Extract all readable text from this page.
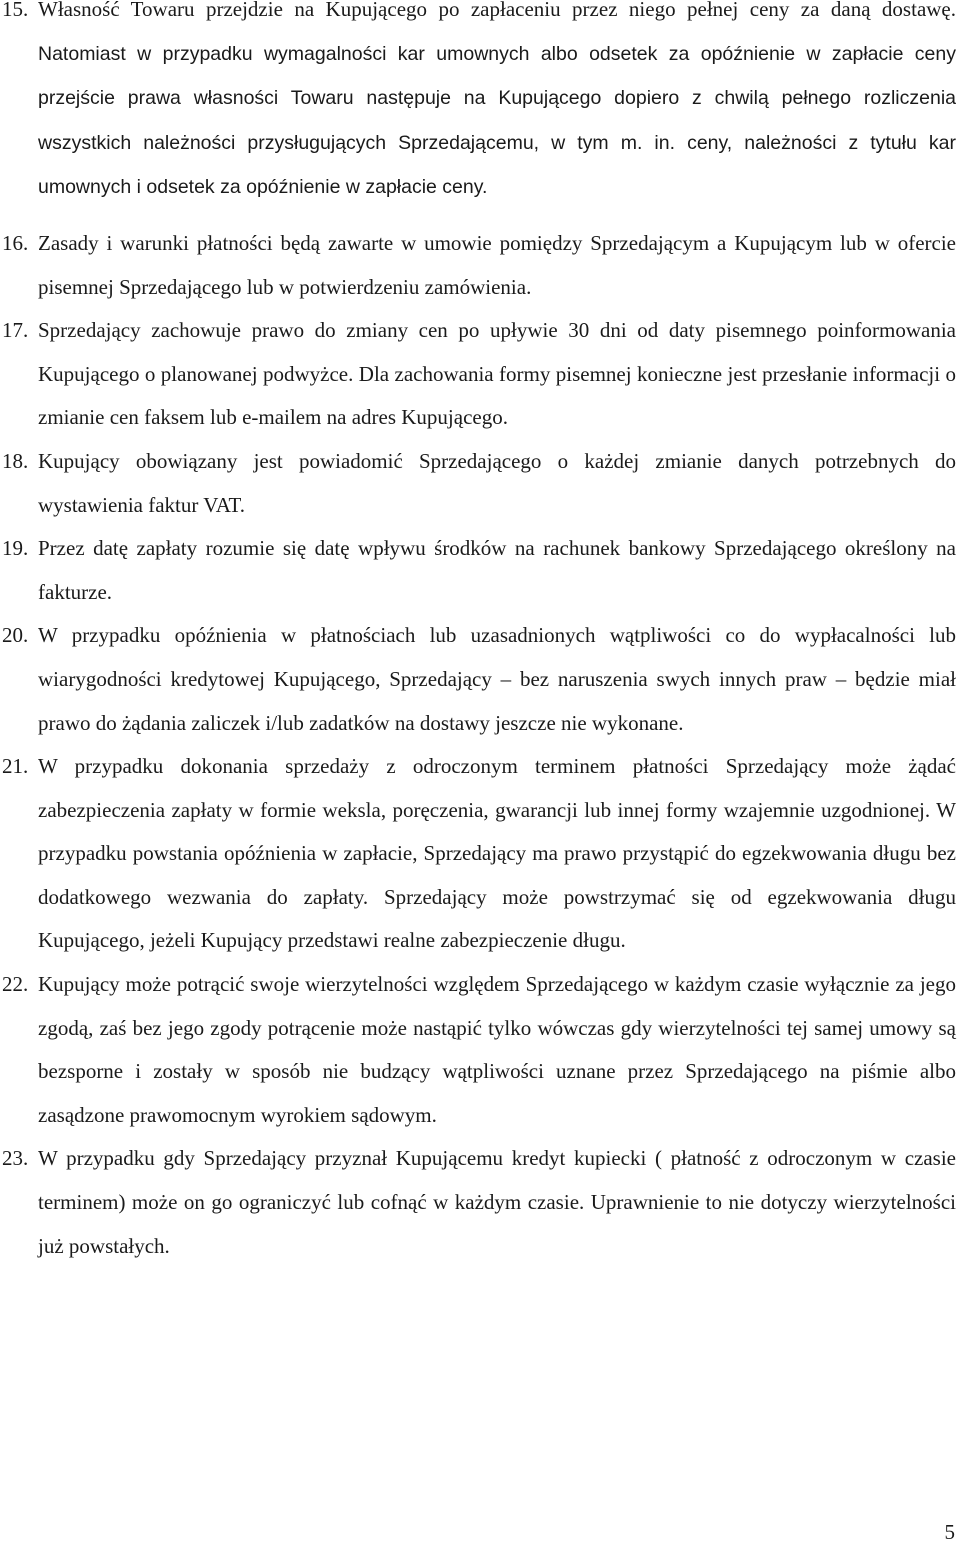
15. Własność Towaru przejdzie na Kupującego po zapłaceniu przez niego pełnej ceny za daną dostawę. Natomiast w przypadku wymagalności kar umownych albo odsetek za opóźnienie w zapłacie ceny przejście prawa własności Towaru następuje na Kupującego dopiero z chwilą pełnego rozliczenia wszystkich należności przysługujących Sprzedającemu, w tym m. in. ceny, należności z tytułu kar umownych i odsetek za opóźnienie w zapłacie ceny.
16. Zasady i warunki płatności będą zawarte w umowie pomiędzy Sprzedającym a Kupującym lub w ofercie pisemnej Sprzedającego lub w potwierdzeniu zamówienia.
17. Sprzedający zachowuje prawo do zmiany cen po upływie 30 dni od daty pisemnego poinformowania Kupującego o planowanej podwyżce. Dla zachowania formy pisemnej konieczne jest przesłanie informacji o zmianie cen faksem lub e-mailem na adres Kupującego.
18. Kupujący obowiązany jest powiadomić Sprzedającego o każdej zmianie danych potrzebnych do wystawienia faktur VAT.
19. Przez datę zapłaty rozumie się datę wpływu środków na rachunek bankowy Sprzedającego określony na fakturze.
20. W przypadku opóźnienia w płatnościach lub uzasadnionych wątpliwości co do wypłacalności lub wiarygodności kredytowej Kupującego, Sprzedający – bez naruszenia swych innych praw – będzie miał prawo do żądania zaliczek i/lub zadatków na dostawy jeszcze nie wykonane.
21. W przypadku dokonania sprzedaży z odroczonym terminem płatności Sprzedający może żądać zabezpieczenia zapłaty w formie weksla, poręczenia, gwarancji lub innej formy wzajemnie uzgodnionej. W przypadku powstania opóźnienia w zapłacie, Sprzedający ma prawo przystąpić do egzekwowania długu bez dodatkowego wezwania do zapłaty. Sprzedający może powstrzymać się od egzekwowania długu Kupującego, jeżeli Kupujący przedstawi realne zabezpieczenie długu.
22. Kupujący może potrącić swoje wierzytelności względem Sprzedającego w każdym czasie wyłącznie za jego zgodą, zaś bez jego zgody potrącenie może nastąpić tylko wówczas gdy wierzytelności tej samej umowy są bezsporne i zostały w sposób nie budzący wątpliwości uznane przez Sprzedającego na piśmie albo zasądzone prawomocnym wyrokiem sądowym.
23. W przypadku gdy Sprzedający przyznał Kupującemu kredyt kupiecki ( płatność z odroczonym w czasie terminem) może on go ograniczyć lub cofnąć w każdym czasie. Uprawnienie to nie dotyczy wierzytelności już powstałych.
5
